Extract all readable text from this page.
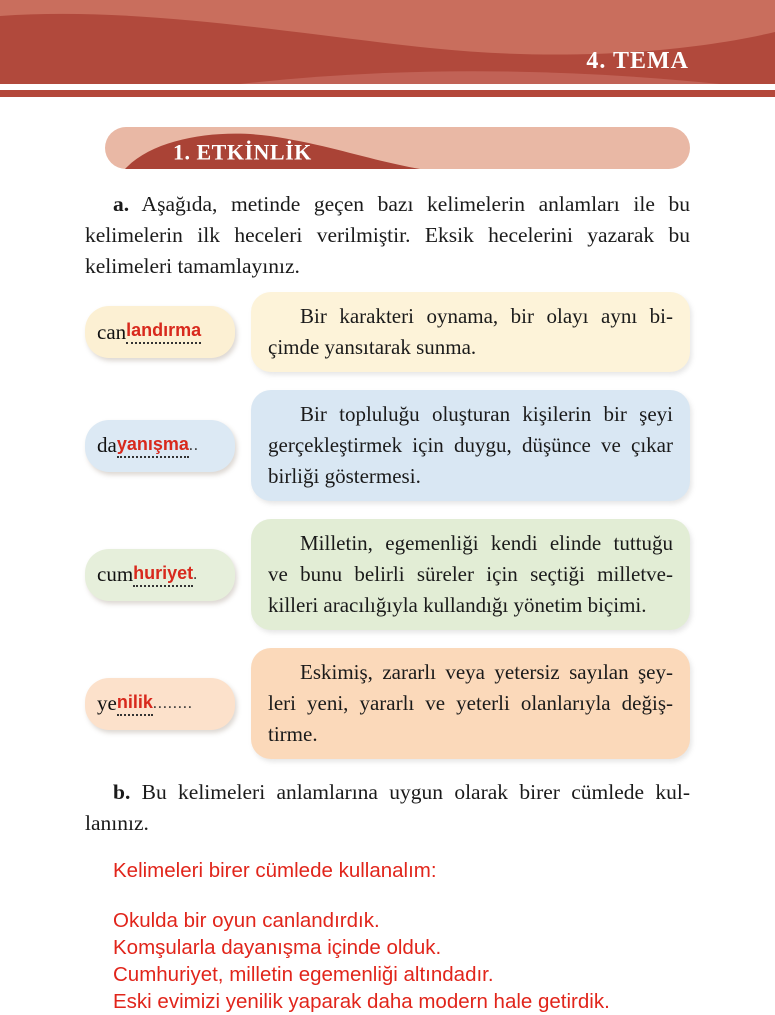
4. TEMA
1. ETKİNLİK
a. Aşağıda, metinde geçen bazı kelimelerin anlamları ile bu
kelimelerin ilk heceleri verilmiştir. Eksik hecelerini yazarak bu
kelimeleri tamamlayınız.
can landırma
Bir karakteri oynama, bir olayı aynı bi-
çimde yansıtarak sunma.
da yanışma ..
Bir topluluğu oluşturan kişilerin bir şeyi
gerçekleştirmek için duygu, düşünce ve çıkar
birliği göstermesi.
cum huriyet .
Milletin, egemenliği kendi elinde tuttuğu
ve bunu belirli süreler için seçtiği milletve-
killeri aracılığıyla kullandığı yönetim biçimi.
ye nilik ........
Eskimiş, zararlı veya yetersiz sayılan şey-
leri yeni, yararlı ve yeterli olanlarıyla değiş-
tirme.
b. Bu kelimeleri anlamlarına uygun olarak birer cümlede kul-
lanınız.
Kelimeleri birer cümlede kullanalım:
Okulda bir oyun canlandırdık.
Komşularla dayanışma içinde olduk.
Cumhuriyet, milletin egemenliği altındadır.
Eski evimizi yenilik yaparak daha modern hale getirdik.
